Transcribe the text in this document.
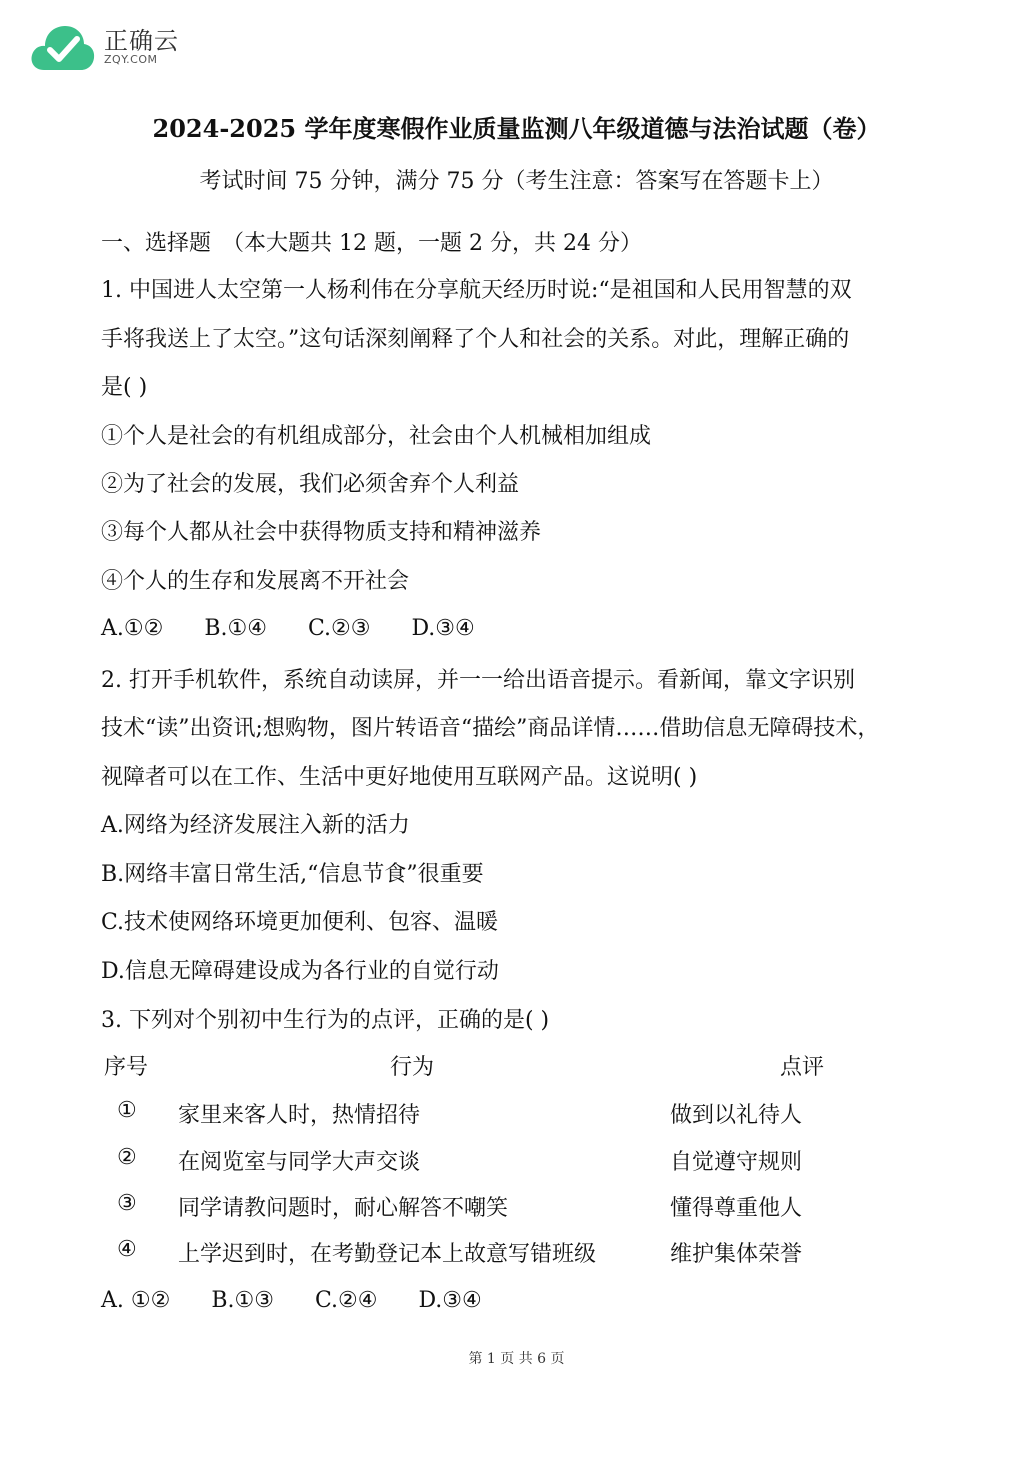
正确云
ZQY.COM
2024-2025 学年度寒假作业质量监测八年级道德与法治试题（卷）
考试时间 75 分钟，满分 75 分（考生注意：答案写在答题卡上）
一、选择题　（本大题共 12 题，一题 2 分，共 24 分）
1. 中国进人太空第一人杨利伟在分享航天经历时说:“是祖国和人民用智慧的双
手将我送上了太空。”这句话深刻阐释了个人和社会的关系。对此，理解正确的
是( )
①个人是社会的有机组成部分，社会由个人机械相加组成
②为了社会的发展，我们必须舍弃个人利益
③每个人都从社会中获得物质支持和精神滋养
④个人的生存和发展离不开社会
A.①② B.①④ C.②③ D.③④
2. 打开手机软件，系统自动读屏，并一一给出语音提示。看新闻，靠文字识别
技术“读”出资讯;想购物，图片转语音“描绘”商品详情……借助信息无障碍技术，
视障者可以在工作、生活中更好地使用互联网产品。这说明( )
A.网络为经济发展注入新的活力
B.网络丰富日常生活,“信息节食”很重要
C.技术使网络环境更加便利、包容、温暖
D.信息无障碍建设成为各行业的自觉行动
3. 下列对个别初中生行为的点评，正确的是( )
序号	行为	点评
① 家里来客人时，热情招待	做到以礼待人
② 在阅览室与同学大声交谈	自觉遵守规则
③ 同学请教问题时，耐心解答不嘲笑	懂得尊重他人
④ 上学迟到时，在考勤登记本上故意写错班级	维护集体荣誉
A. ①② B.①③ C.②④ D.③④
第 1 页 共 6 页
